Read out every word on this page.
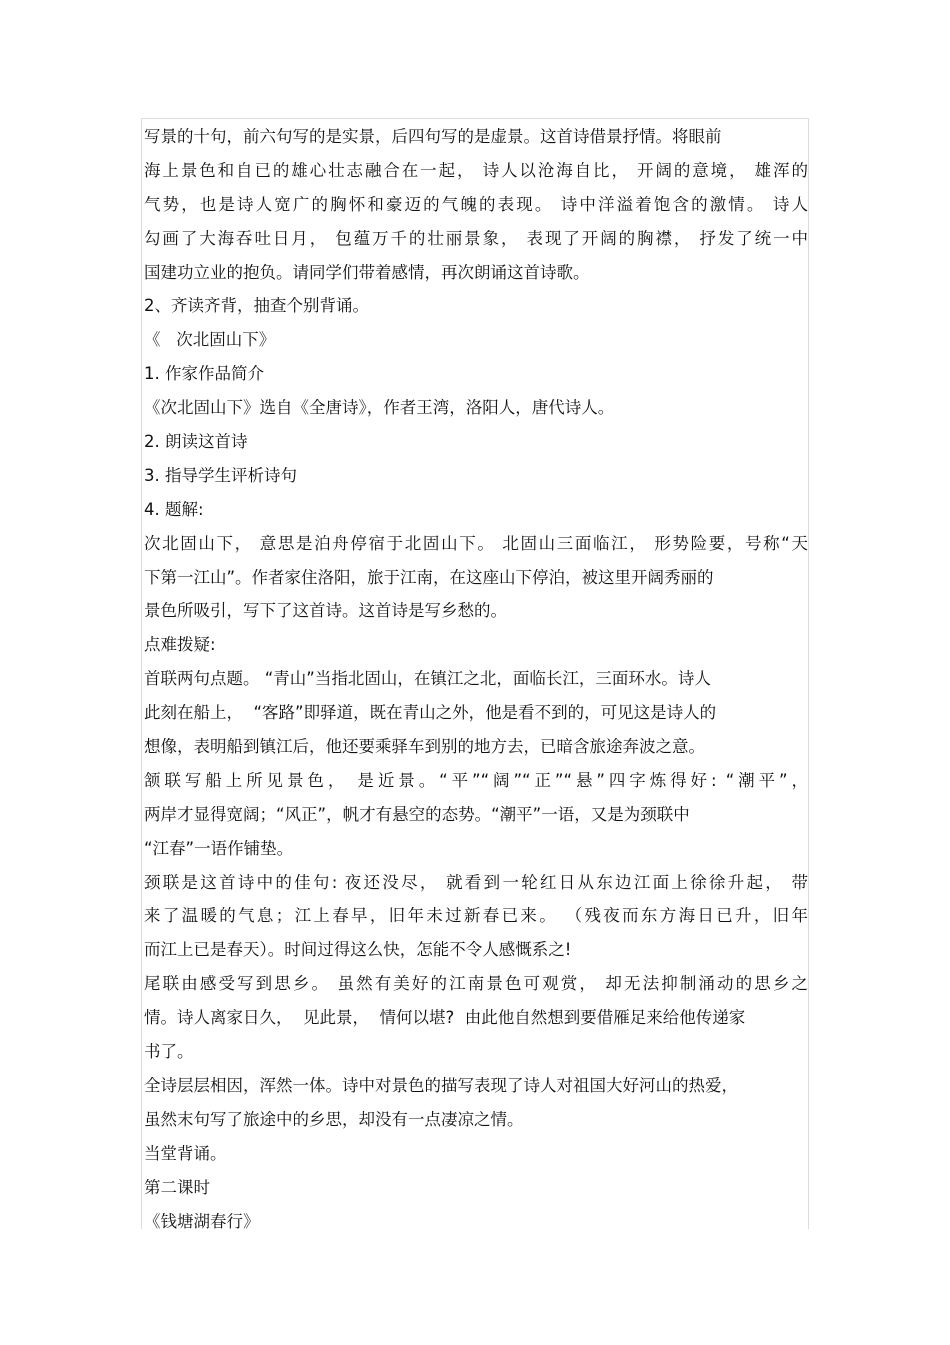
写景的十句，前六句写的是实景，后四句写的是虚景。这首诗借景抒情。将眼前
海上景色和自已的雄心壮志融合在一起， 诗人以沧海自比， 开阔的意境， 雄浑的
气势，也是诗人宽广的胸怀和豪迈的气魄的表现。 诗中洋溢着饱含的激情。 诗人
勾画了大海吞吐日月， 包蕴万千的壮丽景象， 表现了开阔的胸襟， 抒发了统一中
国建功立业的抱负。请同学们带着感情，再次朗诵这首诗歌。
2、齐读齐背，抽查个别背诵。
《   次北固山下》
1. 作家作品简介
《次北固山下》选自《全唐诗》，作者王湾，洛阳人，唐代诗人。
2. 朗读这首诗
3. 指导学生评析诗句
4. 题解:
次北固山下， 意思是泊舟停宿于北固山下。 北固山三面临江， 形势险要，号称“天
下第一江山”。作者家住洛阳，旅于江南，在这座山下停泊，被这里开阔秀丽的
景色所吸引，写下了这首诗。这首诗是写乡愁的。
点难拨疑:
首联两句点题。 “青山”当指北固山，在镇江之北，面临长江，三面环水。诗人
此刻在船上，  “客路”即驿道，既在青山之外，他是看不到的，可见这是诗人的
想像，表明船到镇江后，他还要乘驿车到别的地方去，已暗含旅途奔波之意。
颔联写船上所见景色， 是近景。“平”“阔”“正”“悬”四字炼得好: “潮平”，
两岸才显得宽阔；“风正”，帆才有悬空的态势。“潮平”一语，又是为颈联中
“江春”一语作铺垫。
颈联是这首诗中的佳句: 夜还没尽， 就看到一轮红日从东边江面上徐徐升起， 带
来了温暖的气息；江上春早，旧年未过新春已来。 （残夜而东方海日已升，旧年
而江上已是春天）。时间过得这么快，怎能不令人感慨系之!
尾联由感受写到思乡。 虽然有美好的江南景色可观赏， 却无法抑制涌动的思乡之
情。诗人离家日久，  见此景，  情何以堪?  由此他自然想到要借雁足来给他传递家
书了。
全诗层层相因，浑然一体。诗中对景色的描写表现了诗人对祖国大好河山的热爱，
虽然末句写了旅途中的乡思，却没有一点凄凉之情。
当堂背诵。
第二课时
《钱塘湖春行》
